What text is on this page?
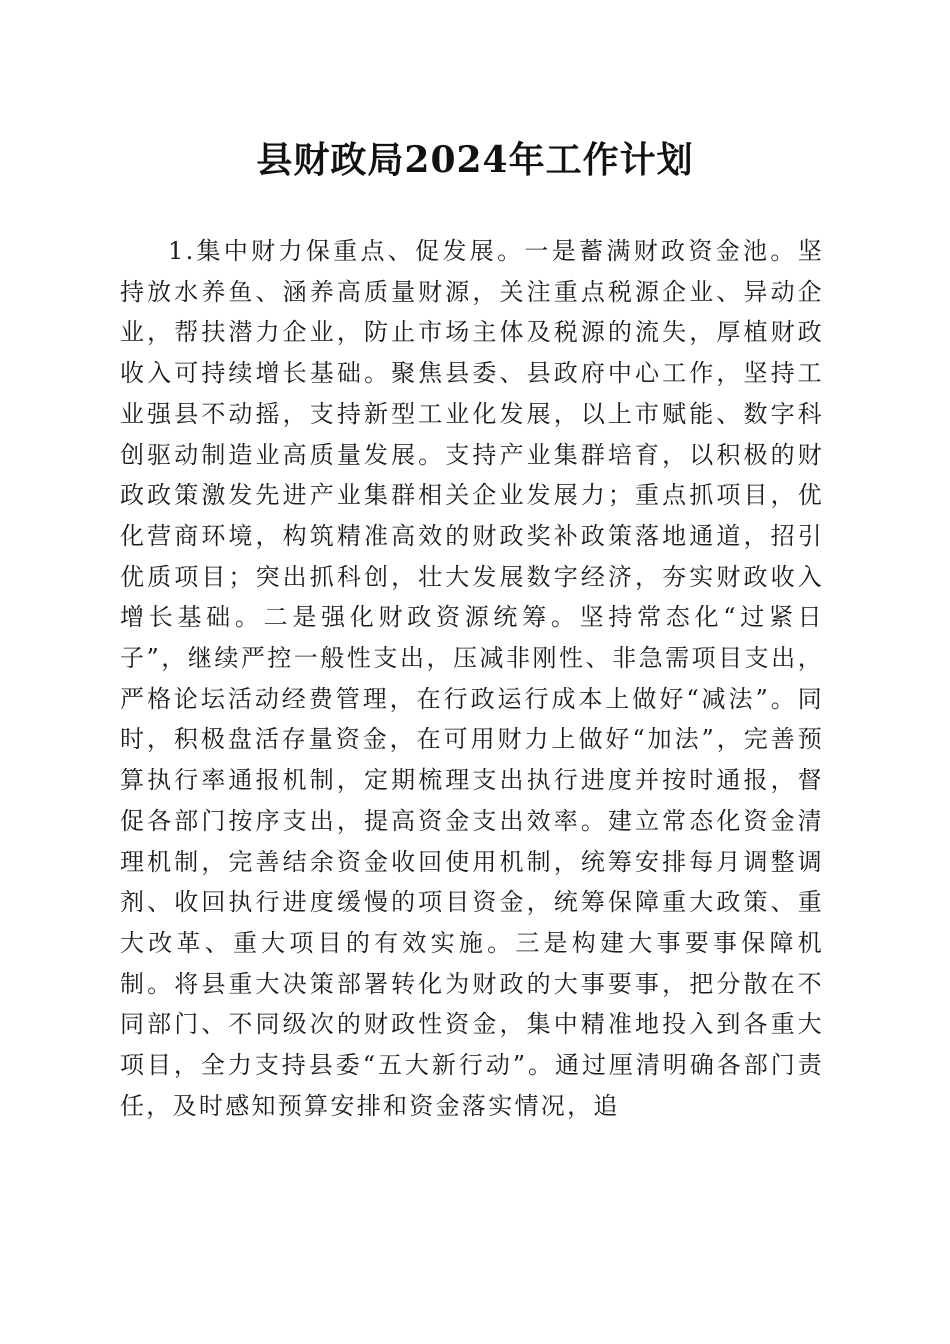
县财政局2024年工作计划

1.集中财力保重点、促发展。一是蓄满财政资金池。坚持放水养鱼、涵养高质量财源，关注重点税源企业、异动企业，帮扶潜力企业，防止市场主体及税源的流失，厚植财政收入可持续增长基础。聚焦县委、县政府中心工作，坚持工业强县不动摇，支持新型工业化发展，以上市赋能、数字科创驱动制造业高质量发展。支持产业集群培育，以积极的财政政策激发先进产业集群相关企业发展力；重点抓项目，优化营商环境，构筑精准高效的财政奖补政策落地通道，招引优质项目；突出抓科创，壮大发展数字经济，夯实财政收入增长基础。二是强化财政资源统筹。坚持常态化“过紧日子”，继续严控一般性支出，压减非刚性、非急需项目支出，严格论坛活动经费管理，在行政运行成本上做好“减法”。同时，积极盘活存量资金，在可用财力上做好“加法”，完善预算执行率通报机制，定期梳理支出执行进度并按时通报，督促各部门按序支出，提高资金支出效率。建立常态化资金清理机制，完善结余资金收回使用机制，统筹安排每月调整调剂、收回执行进度缓慢的项目资金，统筹保障重大政策、重大改革、重大项目的有效实施。三是构建大事要事保障机制。将县重大决策部署转化为财政的大事要事，把分散在不同部门、不同级次的财政性资金，集中精准地投入到各重大项目，全力支持县委“五大新行动”。通过厘清明确各部门责任，及时感知预算安排和资金落实情况，追
